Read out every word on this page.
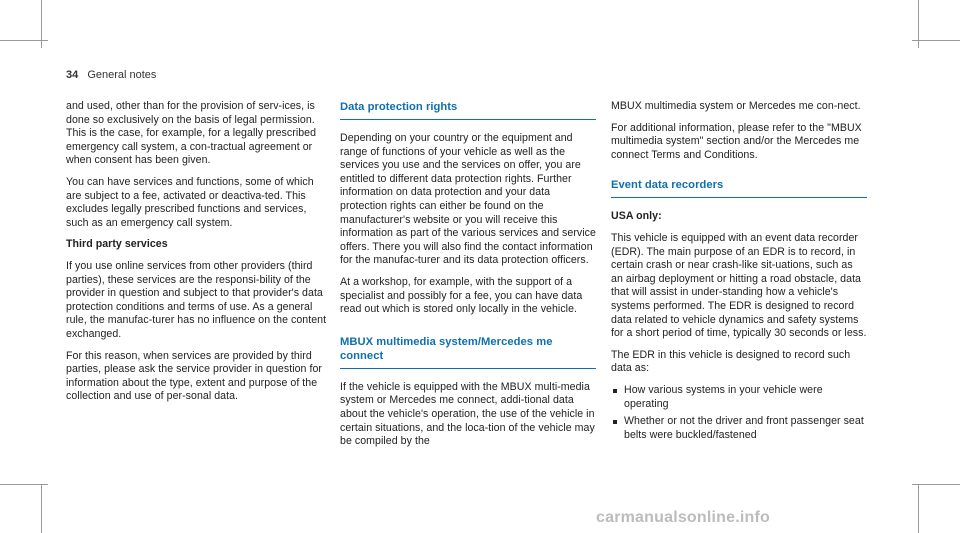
34 General notes

and used, other than for the provision of serv-ices, is done so exclusively on the basis of legal permission. This is the case, for example, for a legally prescribed emergency call system, a con-tractual agreement or when consent has been given.

You can have services and functions, some of which are subject to a fee, activated or deactiva-ted. This excludes legally prescribed functions and services, such as an emergency call system.

Third party services

If you use online services from other providers (third parties), these services are the responsi-bility of the provider in question and subject to that provider's data protection conditions and terms of use. As a general rule, the manufac-turer has no influence on the content exchanged.

For this reason, when services are provided by third parties, please ask the service provider in question for information about the type, extent and purpose of the collection and use of per-sonal data.

Data protection rights

Depending on your country or the equipment and range of functions of your vehicle as well as the services you use and the services on offer, you are entitled to different data protection rights. Further information on data protection and your data protection rights can either be found on the manufacturer's website or you will receive this information as part of the various services and service offers. There you will also find the contact information for the manufac-turer and its data protection officers.

At a workshop, for example, with the support of a specialist and possibly for a fee, you can have data read out which is stored only locally in the vehicle.

MBUX multimedia system/Mercedes me connect

If the vehicle is equipped with the MBUX multi-media system or Mercedes me connect, addi-tional data about the vehicle's operation, the use of the vehicle in certain situations, and the loca-tion of the vehicle may be compiled by the

MBUX multimedia system or Mercedes me con-nect.

For additional information, please refer to the "MBUX multimedia system" section and/or the Mercedes me connect Terms and Conditions.

Event data recorders

USA only:

This vehicle is equipped with an event data recorder (EDR). The main purpose of an EDR is to record, in certain crash or near crash-like sit-uations, such as an airbag deployment or hitting a road obstacle, data that will assist in under-standing how a vehicle's systems performed. The EDR is designed to record data related to vehicle dynamics and safety systems for a short period of time, typically 30 seconds or less.

The EDR in this vehicle is designed to record such data as:

How various systems in your vehicle were operating
Whether or not the driver and front passenger seat belts were buckled/fastened
carmanualsonline.info
